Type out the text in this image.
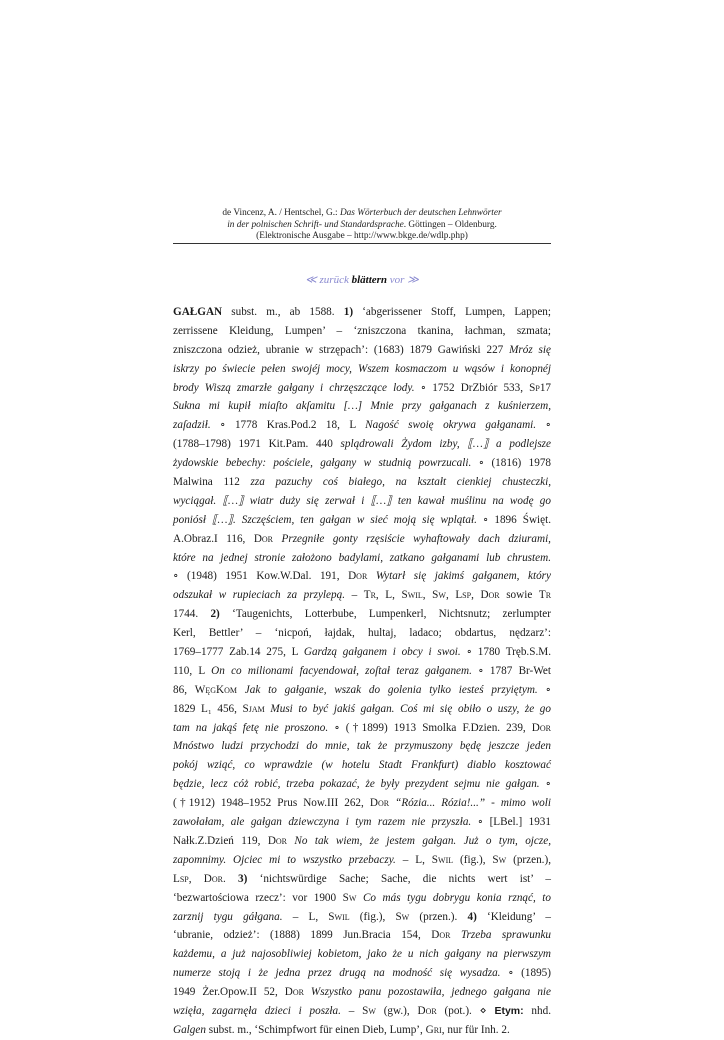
de Vincenz, A. / Hentschel, G.: Das Wörterbuch der deutschen Lehnwörter
in der polnischen Schrift- und Standardsprache. Göttingen – Oldenburg.
(Elektronische Ausgabe – http://www.bkge.de/wdlp.php)
≪ zurück blättern vor ≫
GAŁGAN subst. m., ab 1588. 1) ‘abgerissener Stoff, Lumpen, Lappen;
zerrissene Kleidung, Lumpen’ – ‘zniszczona tkanina, łachman, szmata;
zniszczona odzież, ubranie w strzępach’: (1683) 1879 Gawiński 227 Mróz się
iskrzy po świecie pełen swojéj mocy, Wszem kosmaczom u wąsów i konopnéj
brody Wiszą zmarzłe gałgany i chrzęszczące lody. ∘ 1752 DrZbiór 533, Sp17
Sukna mi kupił miaſto akſamitu […] Mnie przy gałganach z kuśnierzem,
zaſadził. ∘ 1778 Kras.Pod.2 18, L Nagość swoię okrywa gałganami. ∘
(1788–1798) 1971 Kit.Pam. 440 splądrowali Żydom izby, ⟦…⟧ a podlejsze
żydowskie bebechy: pościele, gałgany w studnią powrzucali. ∘ (1816) 1978
Malwina 112 zza pazuchy coś białego, na kształt cienkiej chusteczki,
wyciągał. ⟦…⟧ wiatr duży się zerwał i ⟦…⟧ ten kawał muślinu na wodę go
poniósł ⟦…⟧. Szczęściem, ten gałgan w sieć moją się wplątał. ∘ 1896 Święt.
A.Obraz.I 116, Dor Przegniłe gonty rzęsiście wyhaftowały dach dziurami,
które na jednej stronie założono badylami, zatkano gałganami lub chrustem.
∘ (1948) 1951 Kow.W.Dal. 191, Dor Wytarł się jakimś gałganem, który
odszukał w rupieciach za przylepą. – Tr, L, Swil, Sw, Lsp, Dor sowie Tr
1744. 2) ‘Taugenichts, Lotterbube, Lumpenkerl, Nichtsnutz; zerlumpter
Kerl, Bettler’ – ‘nicpoń, łajdak, hultaj, ladaco; obdartus, nędzarz’:
1769–1777 Zab.14 275, L Gardzą gałganem i obcy i swoi. ∘ 1780 Tręb.S.M.
110, L On co milionami facyendował, zoſtał teraz gałganem. ∘ 1787 Br-Wet
86, WęgKom Jak to gałganie, wszak do golenia tylko iesteś przyiętym. ∘
1829 L₁ 456, Sjam Musi to być jakiś gałgan. Coś mi się obiło o uszy, że go
tam na jakąś fetę nie proszono. ∘ (†1899) 1913 Smolka F.Dzien. 239, Dor
Mnóstwo ludzi przychodzi do mnie, tak że przymuszony będę jeszcze jeden
pokój wziąć, co wprawdzie (w hotelu Stadt Frankfurt) diablo kosztować
będzie, lecz cóż robić, trzeba pokazać, że były prezydent sejmu nie gałgan. ∘
(†1912) 1948–1952 Prus Now.III 262, Dor “Rózia... Rózia!...” - mimo woli
zawołałam, ale gałgan dziewczyna i tym razem nie przyszła. ∘ [LBel.] 1931
Nałk.Z.Dzień 119, Dor No tak wiem, że jestem gałgan. Już o tym, ojcze,
zapomnimy. Ojciec mi to wszystko przebaczy. – L, Swil (fig.), Sw (przen.),
Lsp, Dor. 3) ‘nichtswürdige Sache; Sache, die nichts wert ist’ –
‘bezwartościowa rzecz’: vor 1900 Sw Co más tygu dobrygu konia rznąć, to
zarznij tygu gáłgana. – L, Swil (fig.), Sw (przen.). 4) ‘Kleidung’ –
‘ubranie, odzież’: (1888) 1899 Jun.Bracia 154, Dor Trzeba sprawunku
każdemu, a już najosobliwiej kobietom, jako że u nich gałgany na pierwszym
numerze stoją i że jedna przez drugą na modność się wysadza. ∘ (1895)
1949 Żer.Opow.II 52, Dor Wszystko panu pozostawiła, jednego gałgana nie
wzięła, zagarnęła dzieci i poszła. – Sw (gw.), Dor (pot.). ⋄ Etym: nhd.
Galgen subst. m., ‘Schimpfwort für einen Dieb, Lump’, Gri, nur für Inh. 2.
